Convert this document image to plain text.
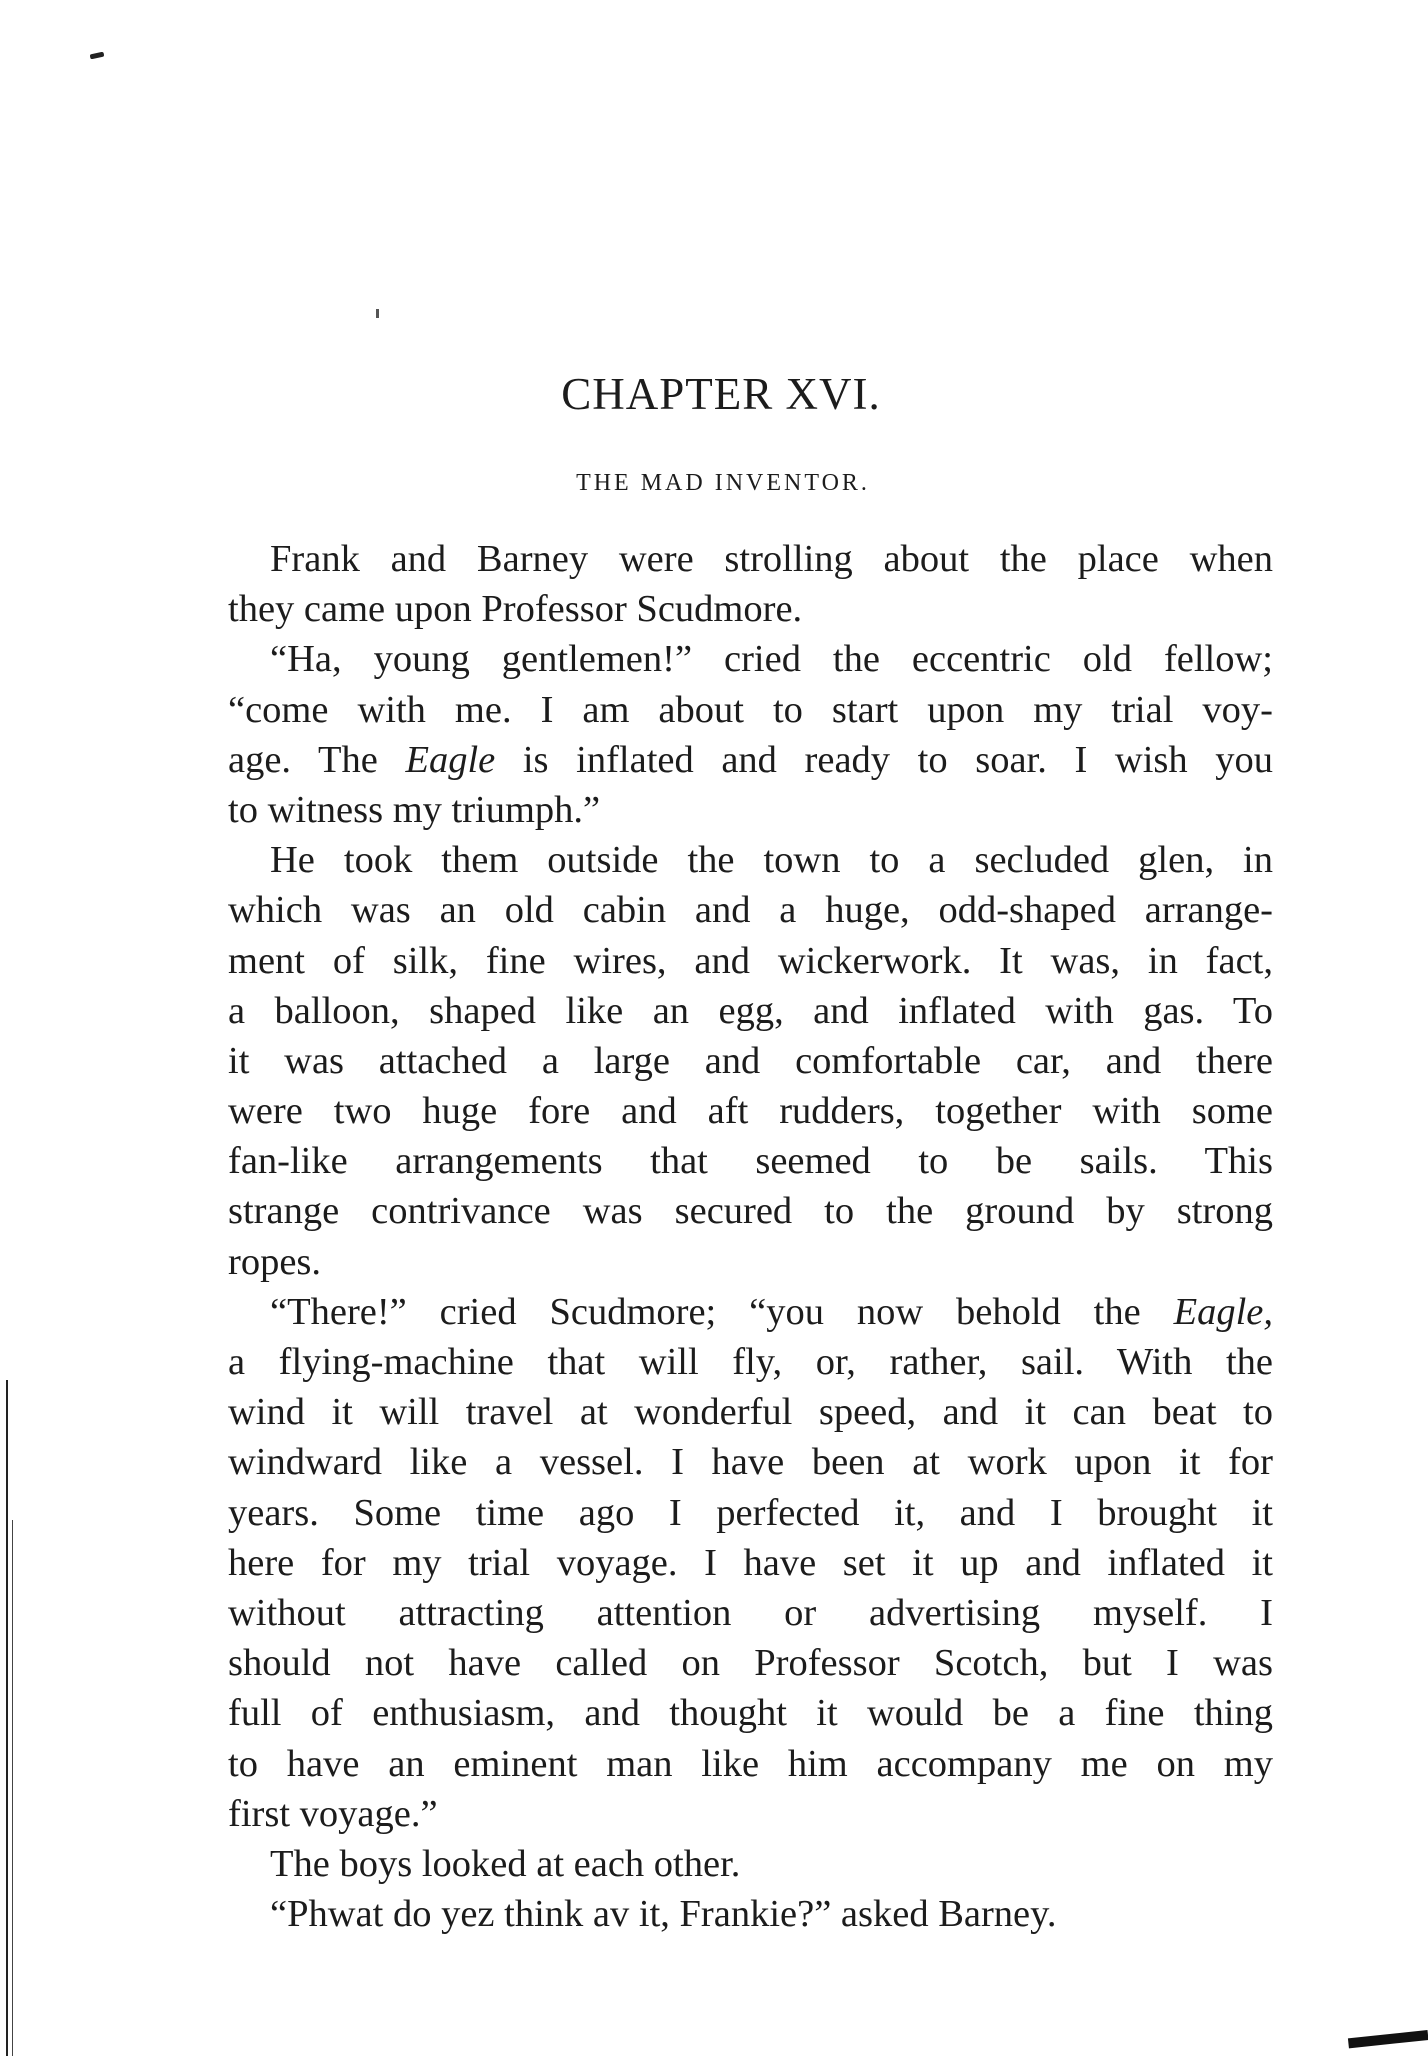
CHAPTER XVI.
THE MAD INVENTOR.
Frank and Barney were strolling about the place when
they came upon Professor Scudmore.
“Ha, young gentlemen!” cried the eccentric old fellow;
“come with me. I am about to start upon my trial voy-
age. The Eagle is inflated and ready to soar. I wish you
to witness my triumph.”
He took them outside the town to a secluded glen, in
which was an old cabin and a huge, odd-shaped arrange-
ment of silk, fine wires, and wickerwork. It was, in fact,
a balloon, shaped like an egg, and inflated with gas. To
it was attached a large and comfortable car, and there
were two huge fore and aft rudders, together with some
fan-like arrangements that seemed to be sails. This
strange contrivance was secured to the ground by strong
ropes.
“There!” cried Scudmore; “you now behold the Eagle,
a flying-machine that will fly, or, rather, sail. With the
wind it will travel at wonderful speed, and it can beat to
windward like a vessel. I have been at work upon it for
years. Some time ago I perfected it, and I brought it
here for my trial voyage. I have set it up and inflated it
without attracting attention or advertising myself. I
should not have called on Professor Scotch, but I was
full of enthusiasm, and thought it would be a fine thing
to have an eminent man like him accompany me on my
first voyage.”
The boys looked at each other.
“Phwat do yez think av it, Frankie?” asked Barney.
